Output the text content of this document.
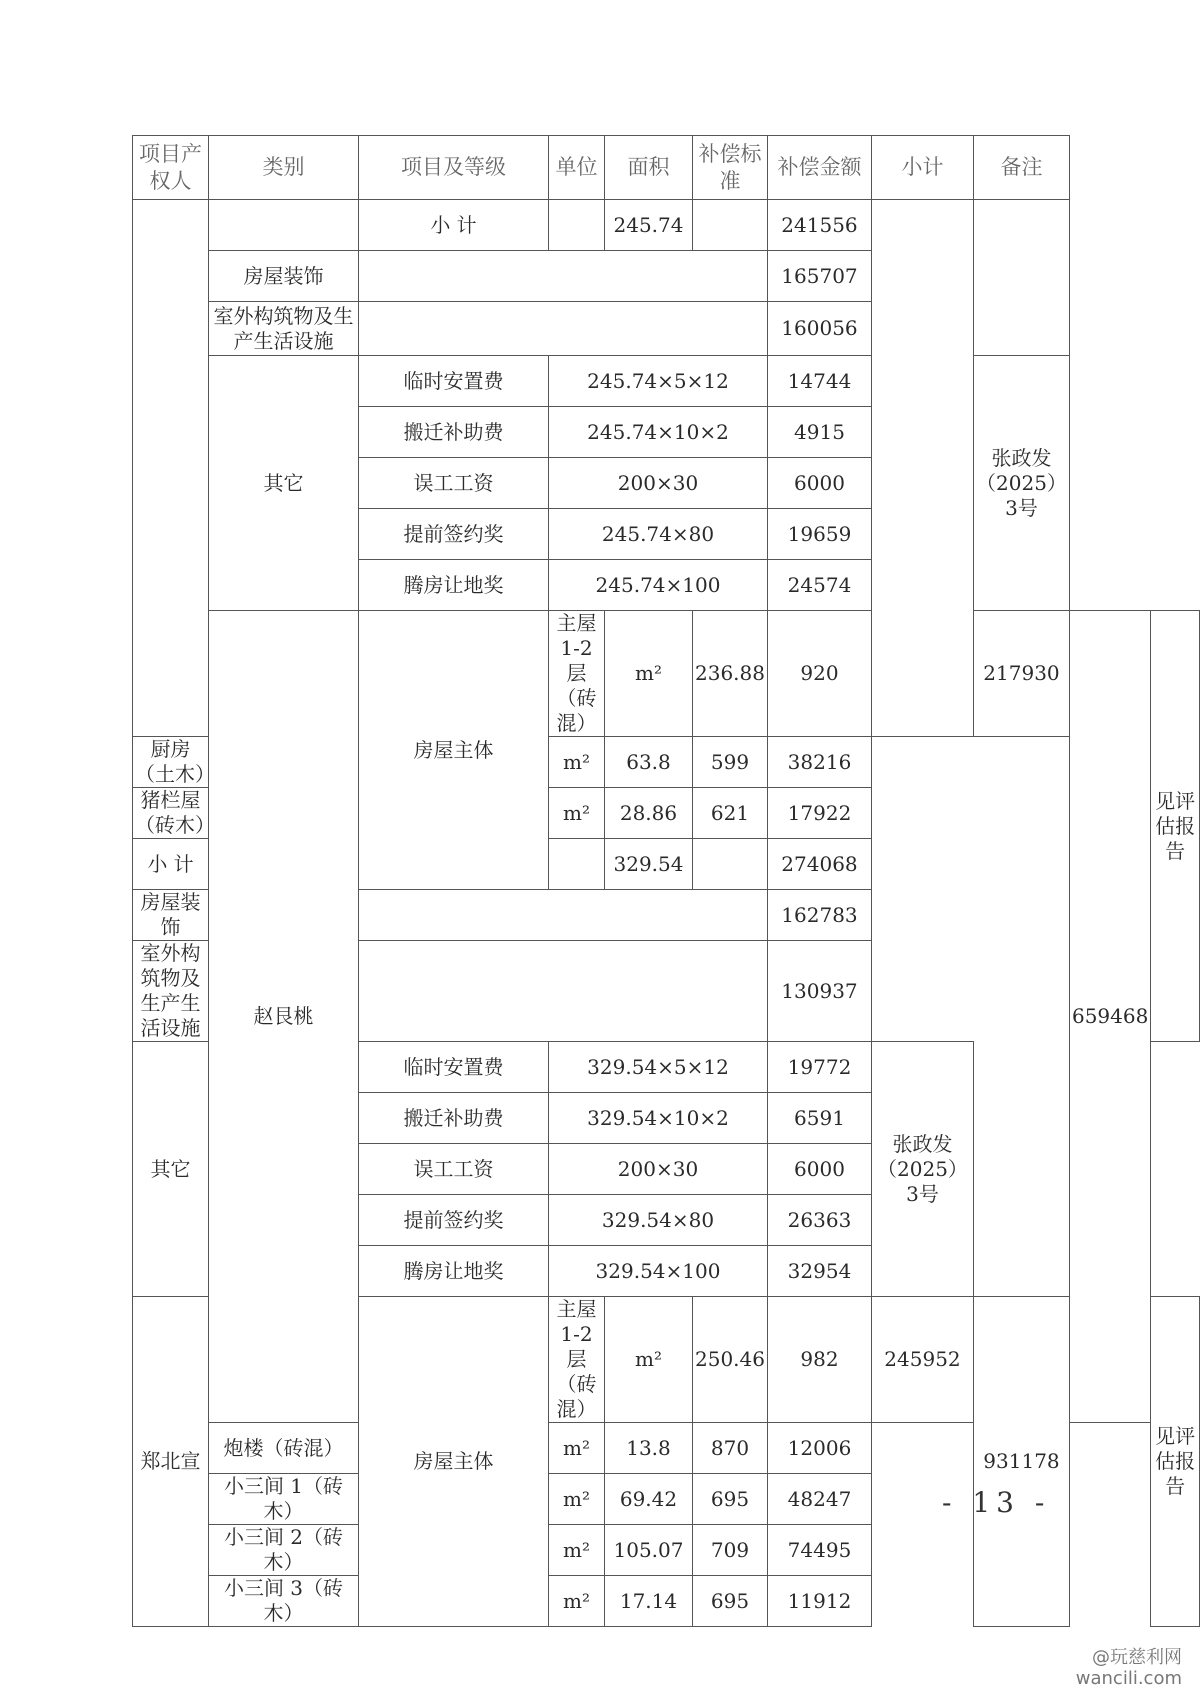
项目产权人	类别	项目及等级	单位	面积	补偿标准	补偿金额	小计	备注		
		小 计		245.74		241556				
	房屋装饰					165707				
	室外构筑物及生产生活设施					160056				
	其它	临时安置费	245.74×5×12			14744		张政发（2025）3号		
		搬迁补助费	245.74×10×2			4915				
		误工工资	200×30			6000				
		提前签约奖	245.74×80			19659				
		腾房让地奖	245.74×100			24574				
	赵艮桃	房屋主体	主屋 1-2 层（砖混）	m²	236.88	920		217930	659468	见评估报告
厨房（土木）			m²	63.8	599	38216				
猪栏屋（砖木）			m²	28.86	621	17922				
小 计				329.54		274068				
房屋装饰						162783				
室外构筑物及生产生活设施						130937				
其它		临时安置费	329.54×5×12			19772	张政发（2025）3号			
		搬迁补助费	329.54×10×2			6591				
		误工工资	200×30			6000				
		提前签约奖	329.54×80			26363				
		腾房让地奖	329.54×100			32954				
郑北宣		房屋主体	主屋 1-2 层（砖混）	m²	250.46	982	245952	931178		见评估报告
	炮楼（砖混）		m²	13.8	870	12006				
	小三间 1（砖木）		m²	69.42	695	48247				
	小三间 2（砖木）		m²	105.07	709	74495				
	小三间 3（砖木）		m²	17.14	695	11912				
- 13 -
@玩慈利网
wancili.com
